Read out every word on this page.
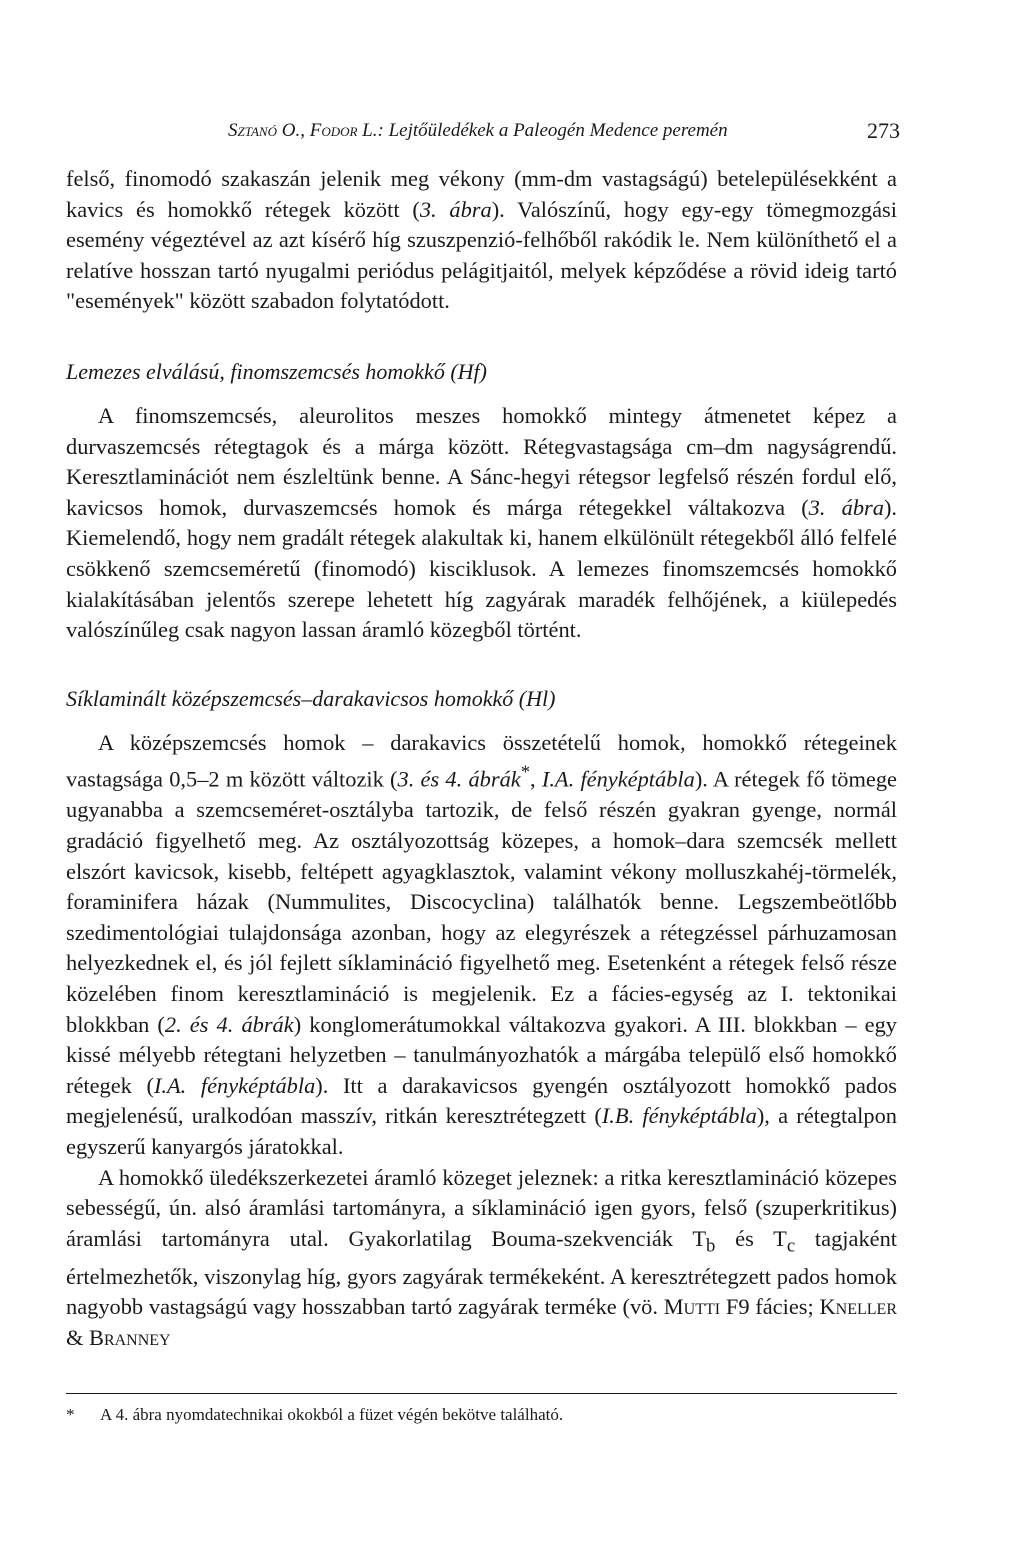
Sztanó O., Fodor L.: Lejtőüledékek a Paleogén Medence peremén	273

felső, finomodó szakaszán jelenik meg vékony (mm-dm vastagságú) betelepülésekként a kavics és homokkő rétegek között (3. ábra). Valószínű, hogy egy-egy tömegmozgási esemény végeztével az azt kísérő híg szuszpenzió-felhőből rakódik le. Nem különíthető el a relatíve hosszan tartó nyugalmi periódus pelágitjaitól, melyek képződése a rövid ideig tartó "események" között szabadon folytatódott.

Lemezes elválású, finomszemcsés homokkő (Hf)

A finomszemcsés, aleurolitos meszes homokkő mintegy átmenetet képez a durvaszemcsés rétegtagok és a márga között. Rétegvastagsága cm–dm nagyságrendű. Keresztlaminációt nem észleltünk benne. A Sánc-hegyi rétegsor legfelső részén fordul elő, kavicsos homok, durvaszemcsés homok és márga rétegekkel váltakozva (3. ábra). Kiemelendő, hogy nem gradált rétegek alakultak ki, hanem elkülönült rétegekből álló felfelé csökkenő szemcseméretű (finomodó) kisciklusok. A lemezes finomszemcsés homokkő kialakításában jelentős szerepe lehetett híg zagyárak maradék felhőjének, a kiülepedés valószínűleg csak nagyon lassan áramló közegből történt.

Síklaminált középszemcsés–darakavicsos homokkő (Hl)

A középszemcsés homok – darakavics összetételű homok, homokkő rétegeinek vastagsága 0,5–2 m között változik (3. és 4. ábrák*, I.A. fényképtábla). A rétegek fő tömege ugyanabba a szemcseméret-osztályba tartozik, de felső részén gyakran gyenge, normál gradáció figyelhető meg. Az osztályozottság közepes, a homok–dara szemcsék mellett elszórt kavicsok, kisebb, feltépett agyagklasztok, valamint vékony molluszkahéj-törmelék, foraminifera házak (Nummulites, Discocyclina) találhatók benne. Legszembeötlőbb szedimentológiai tulajdonsága azonban, hogy az elegyrészek a rétegzéssel párhuzamosan helyezkednek el, és jól fejlett síklamináció figyelhető meg. Esetenként a rétegek felső része közelében finom keresztlamináció is megjelenik. Ez a fácies-egység az I. tektonikai blokkban (2. és 4. ábrák) konglomerátumokkal váltakozva gyakori. A III. blokkban – egy kissé mélyebb rétegtani helyzetben – tanulmányozhatók a márgába települő első homokkő rétegek (I.A. fényképtábla). Itt a darakavicsos gyengén osztályozott homokkő pados megjelenésű, uralkodóan masszív, ritkán keresztrétegzett (I.B. fényképtábla), a rétegtalpon egyszerű kanyargós járatokkal.

A homokkő üledékszerkezetei áramló közeget jeleznek: a ritka keresztlamináció közepes sebességű, ún. alsó áramlási tartományra, a síklamináció igen gyors, felső (szuperkritikus) áramlási tartományra utal. Gyakorlatilag Bouma-szekvenciák $T_b$ és $T_c$ tagjaként értelmezhetők, viszonylag híg, gyors zagyárak termékeként. A keresztrétegzett pados homok nagyobb vastagságú vagy hosszabban tartó zagyárak terméke (vö. Mutti F9 fácies; Kneller & Branney

* A 4. ábra nyomdatechnikai okokból a füzet végén bekötve található.
